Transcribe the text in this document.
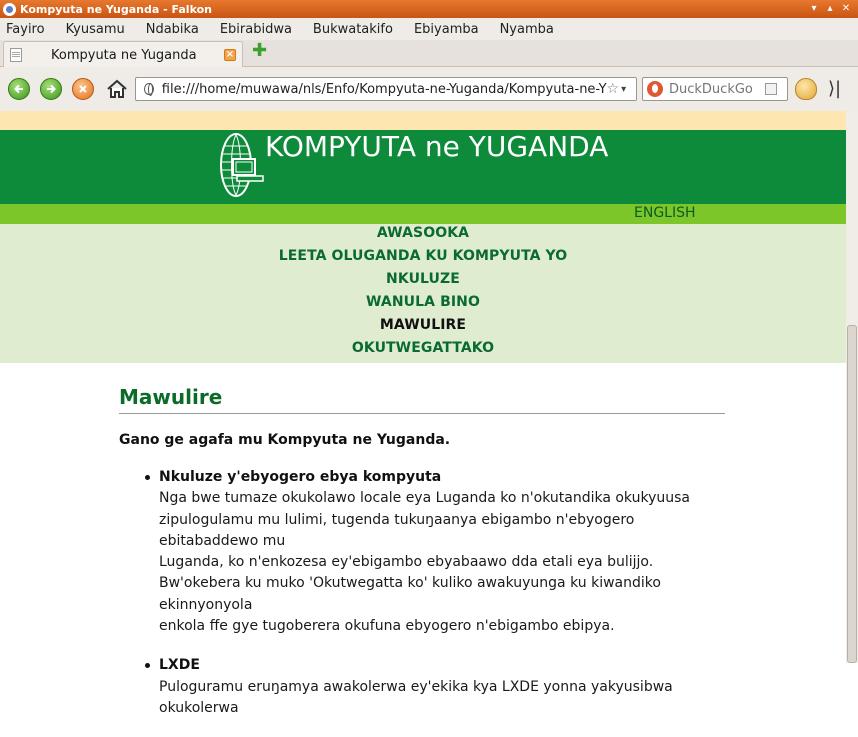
Kompyuta ne Yuganda - Falkon	▾	▴ ✕
Fayiro Kyusamu Ndabika Ebirabidwa Bukwatakifo Ebiyamba Nyamba
Kompyuta ne Yuganda	× ✚
file:///home/muwawa/nls/Enfo/Kompyuta-ne-Yuganda/Kompyuta-ne-Y ☆ ▾
DuckDuckGo	⟩|
KOMPYUTA ne YUGANDA
ENGLISH
AWASOOKA
LEETA OLUGANDA KU KOMPYUTA YO
NKULUZE
WANULA BINO
MAWULIRE
OKUTWEGATTAKO
Mawulire
Gano ge agafa mu Kompyuta ne Yuganda.
Nkuluze y'ebyogero ebya kompyuta

Nga bwe tumaze okukolawo locale eya Luganda ko n'okutandika okukyuusa

zipulogulamu mu lulimi, tugenda tukuŋaanya ebigambo n'ebyogero ebitabaddewo mu

Luganda, ko n'enkozesa ey'ebigambo ebyabaawo dda etali eya bulijjo.

Bw'okebera ku muko 'Okutwegatta ko' kuliko awakuyunga ku kiwandiko ekinnyonyola

enkola ffe gye tugoberera okufuna ebyogero n'ebigambo ebipya.

LXDE

Puloguramu eruŋamya awakolerwa ey'ekika kya LXDE yonna yakyusibwa okukolerwa
